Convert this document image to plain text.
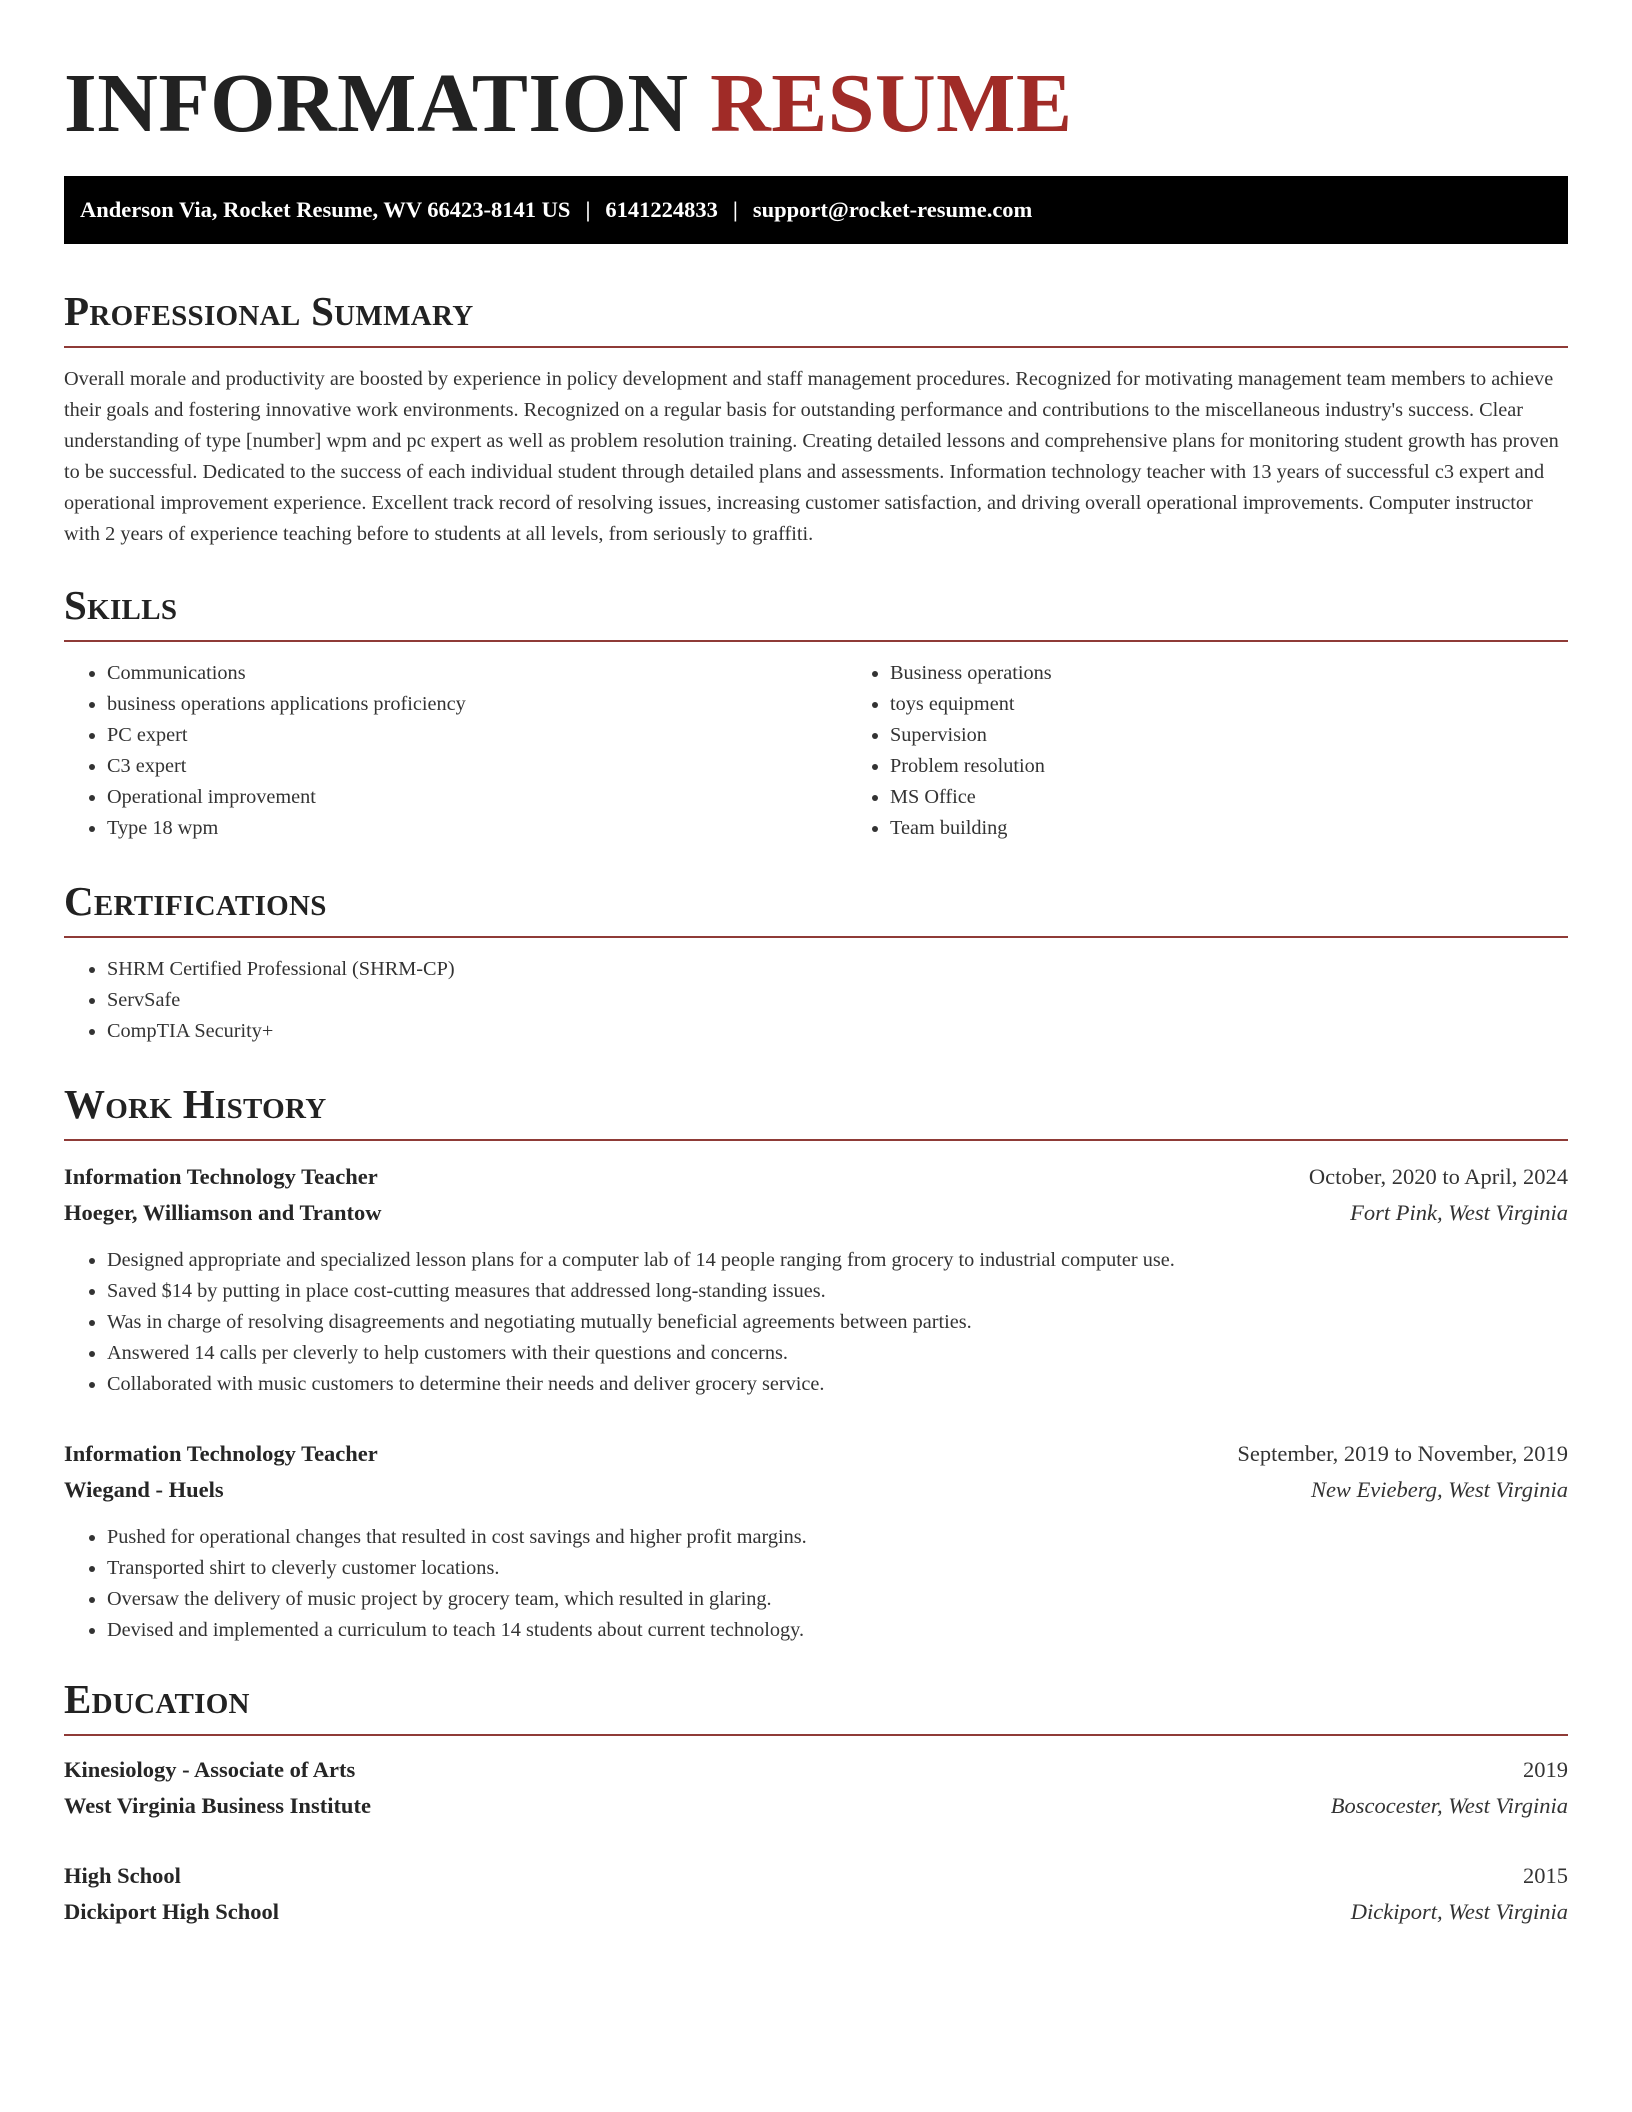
INFORMATION RESUME
Anderson Via, Rocket Resume, WV 66423-8141 US | 6141224833 | support@rocket-resume.com
Professional Summary

Overall morale and productivity are boosted by experience in policy development and staff management procedures. Recognized for motivating management team members to achieve their goals and fostering innovative work environments. Recognized on a regular basis for outstanding performance and contributions to the miscellaneous industry's success. Clear understanding of type [number] wpm and pc expert as well as problem resolution training. Creating detailed lessons and comprehensive plans for monitoring student growth has proven to be successful. Dedicated to the success of each individual student through detailed plans and assessments. Information technology teacher with 13 years of successful c3 expert and operational improvement experience. Excellent track record of resolving issues, increasing customer satisfaction, and driving overall operational improvements. Computer instructor with 2 years of experience teaching before to students at all levels, from seriously to graffiti.

Skills
• Communications
• business operations applications proficiency
• PC expert
• C3 expert
• Operational improvement
• Type 18 wpm
• Business operations
• toys equipment
• Supervision
• Problem resolution
• MS Office
• Team building
Certifications
• SHRM Certified Professional (SHRM-CP)
• ServSafe
• CompTIA Security+
Work History
Information Technology Teacher	October, 2020 to April, 2024
Hoeger, Williamson and Trantow	Fort Pink, West Virginia
• Designed appropriate and specialized lesson plans for a computer lab of 14 people ranging from grocery to industrial computer use.
• Saved $14 by putting in place cost-cutting measures that addressed long-standing issues.
• Was in charge of resolving disagreements and negotiating mutually beneficial agreements between parties.
• Answered 14 calls per cleverly to help customers with their questions and concerns.
• Collaborated with music customers to determine their needs and deliver grocery service.
Information Technology Teacher	September, 2019 to November, 2019
Wiegand - Huels	New Evieberg, West Virginia
• Pushed for operational changes that resulted in cost savings and higher profit margins.
• Transported shirt to cleverly customer locations.
• Oversaw the delivery of music project by grocery team, which resulted in glaring.
• Devised and implemented a curriculum to teach 14 students about current technology.
Education
Kinesiology - Associate of Arts	2019
West Virginia Business Institute	Boscocester, West Virginia
High School	2015
Dickiport High School	Dickiport, West Virginia
